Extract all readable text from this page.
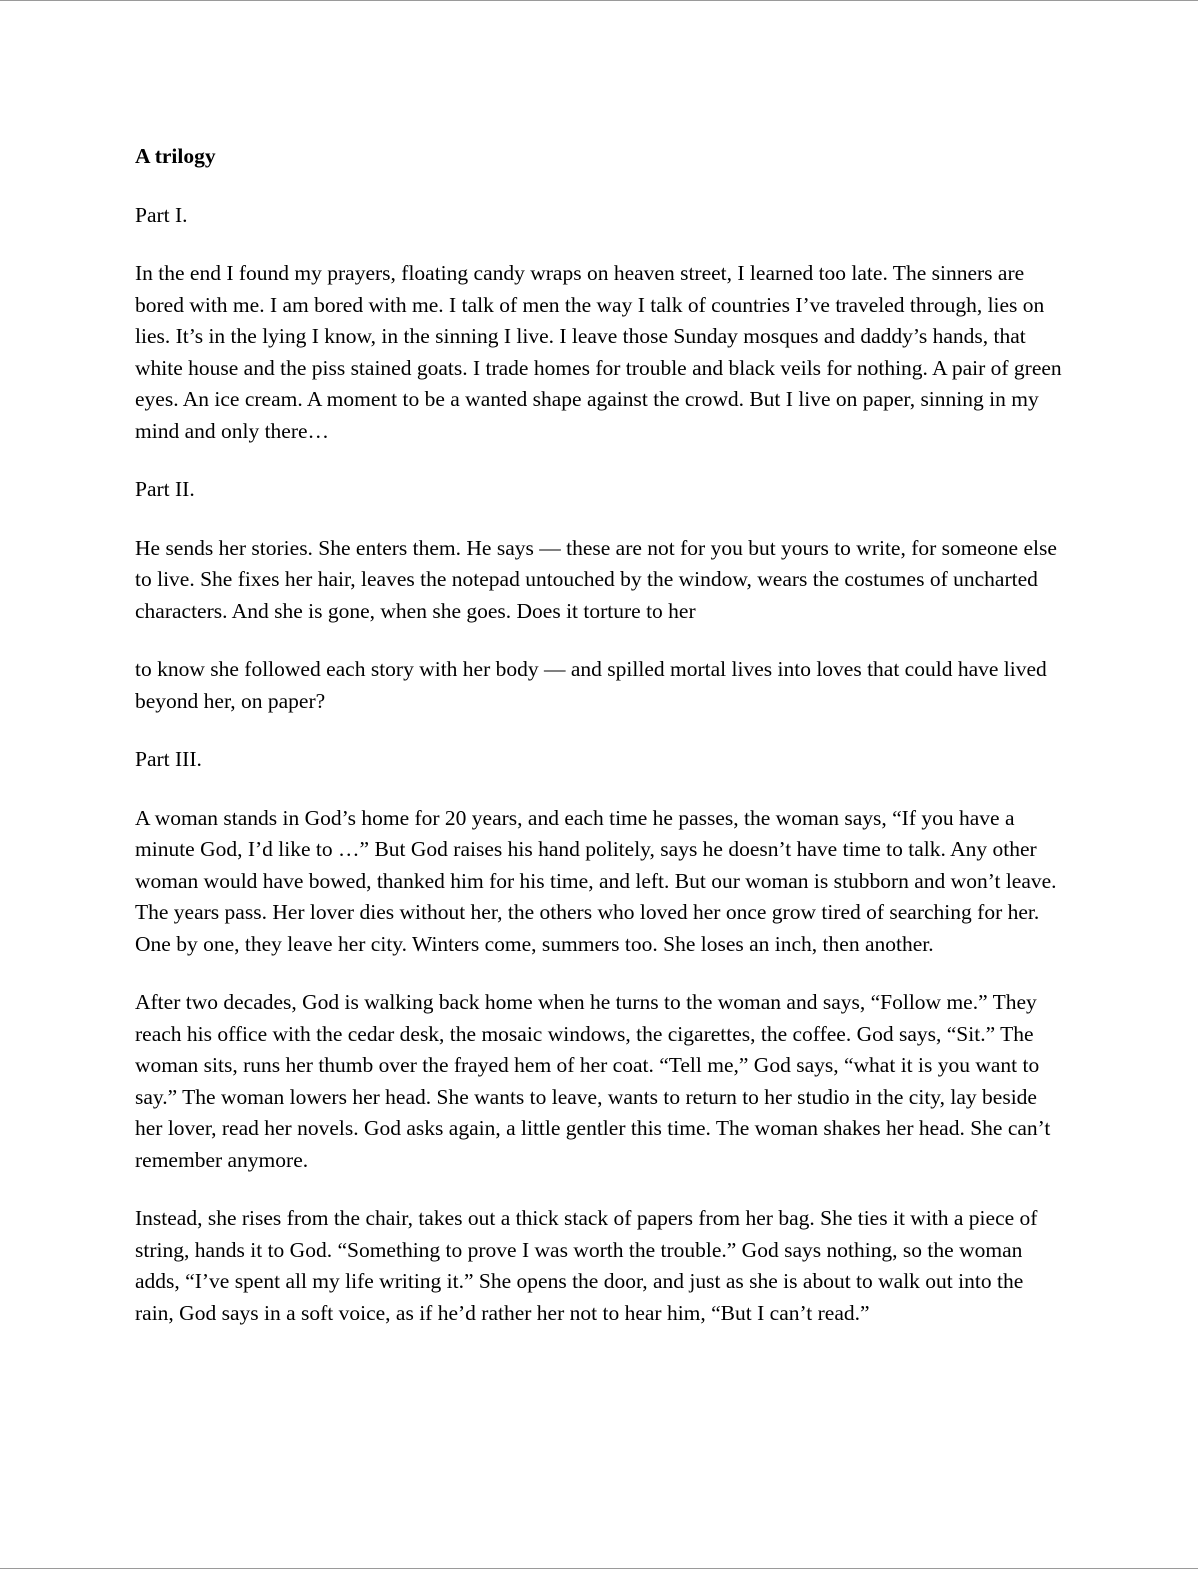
A trilogy
Part I.

In the end I found my prayers, floating candy wraps on heaven street, I learned too late. The sinners are bored with me. I am bored with me. I talk of men the way I talk of countries I’ve traveled through, lies on lies. It’s in the lying I know, in the sinning I live. I leave those Sunday mosques and daddy’s hands, that white house and the piss stained goats. I trade homes for trouble and black veils for nothing. A pair of green eyes. An ice cream. A moment to be a wanted shape against the crowd. But I live on paper, sinning in my mind and only there…

Part II.

He sends her stories. She enters them. He says — these are not for you but yours to write, for someone else to live. She fixes her hair, leaves the notepad untouched by the window, wears the costumes of uncharted characters. And she is gone, when she goes. Does it torture to her

to know she followed each story with her body — and spilled mortal lives into loves that could have lived beyond her, on paper?

Part III.

A woman stands in God’s home for 20 years, and each time he passes, the woman says, “If you have a minute God, I’d like to …” But God raises his hand politely, says he doesn’t have time to talk. Any other woman would have bowed, thanked him for his time, and left. But our woman is stubborn and won’t leave. The years pass. Her lover dies without her, the others who loved her once grow tired of searching for her. One by one, they leave her city. Winters come, summers too. She loses an inch, then another.

After two decades, God is walking back home when he turns to the woman and says, “Follow me.” They reach his office with the cedar desk, the mosaic windows, the cigarettes, the coffee. God says, “Sit.” The woman sits, runs her thumb over the frayed hem of her coat. “Tell me,” God says, “what it is you want to say.” The woman lowers her head. She wants to leave, wants to return to her studio in the city, lay beside her lover, read her novels. God asks again, a little gentler this time. The woman shakes her head. She can’t remember anymore.

Instead, she rises from the chair, takes out a thick stack of papers from her bag. She ties it with a piece of string, hands it to God. “Something to prove I was worth the trouble.” God says nothing, so the woman adds, “I’ve spent all my life writing it.” She opens the door, and just as she is about to walk out into the rain, God says in a soft voice, as if he’d rather her not to hear him, “But I can’t read.”
